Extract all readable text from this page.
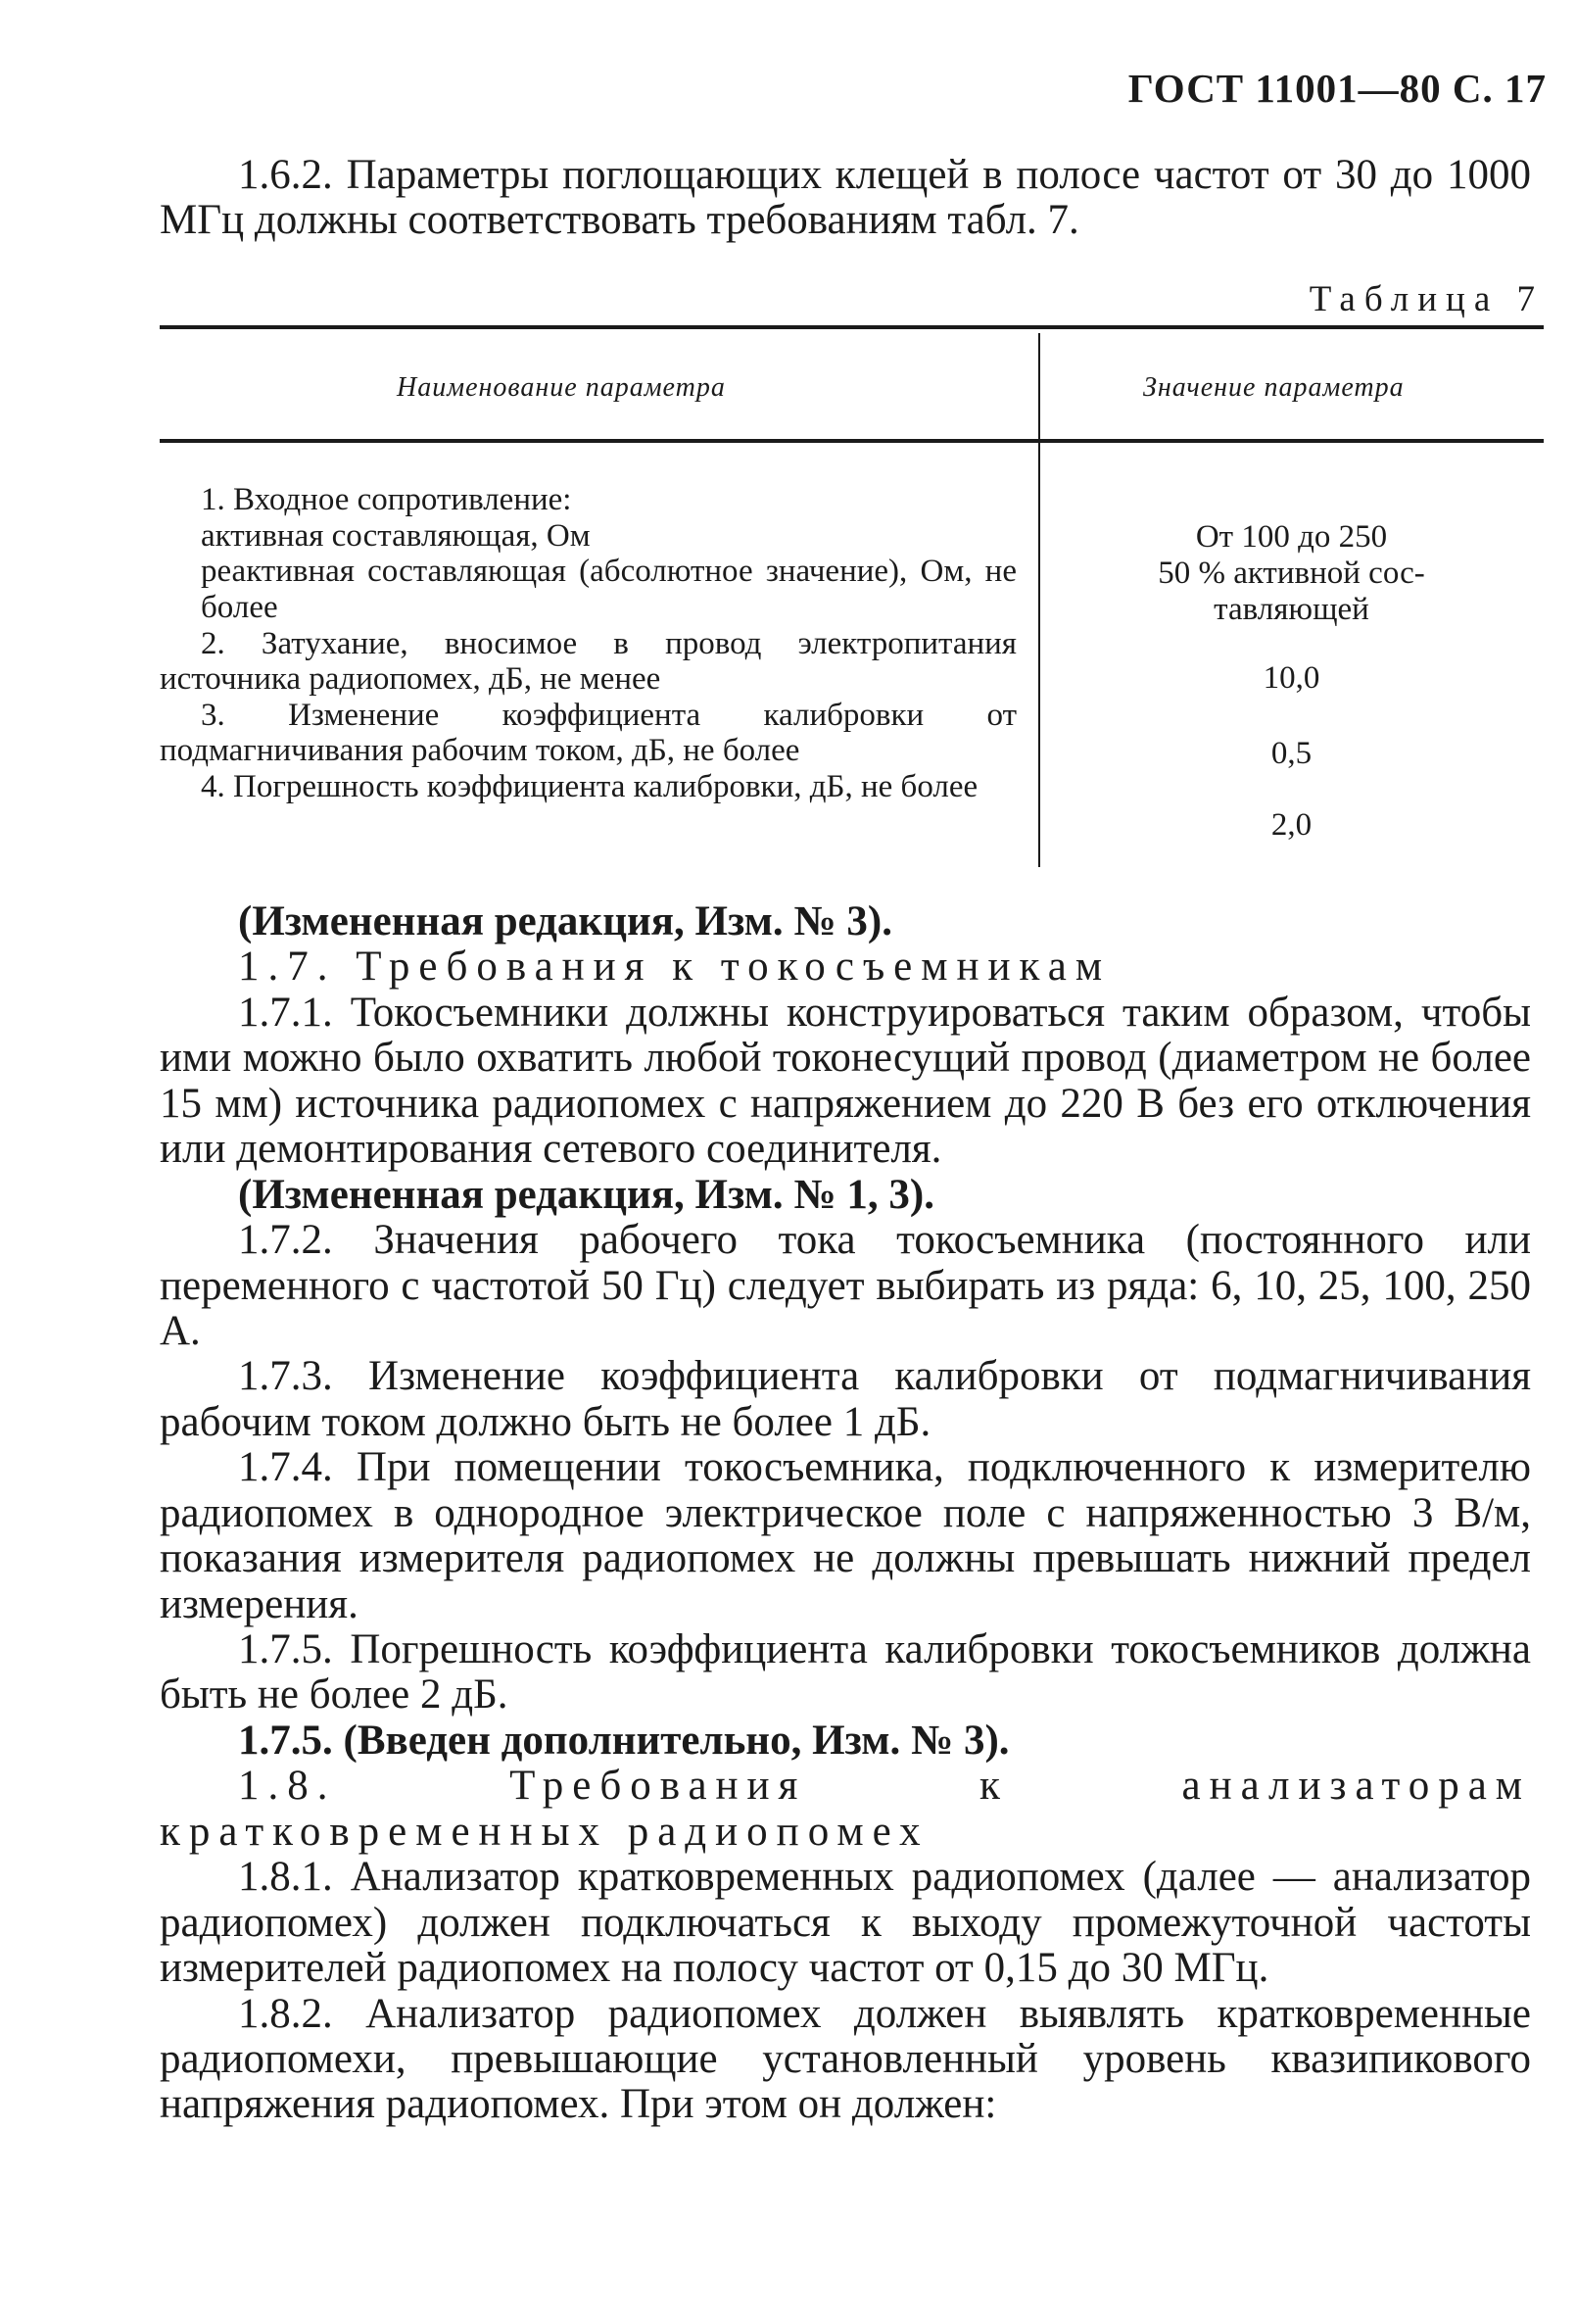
ГОСТ 11001—80 С. 17

1.6.2. Параметры поглощающих клещей в полосе частот от 30 до 1000 МГц должны соответствовать требованиям табл. 7.

Таблица 7
Наименование параметра	Значение параметра
1. Входное сопротивление:
активная составляющая, Ом
реактивная составляющая (абсолютное значение), Ом, не более
2. Затухание, вносимое в провод электропитания источника радиопомех, дБ, не менее
3. Изменение коэффициента калибровки от подмагничивания рабочим током, дБ, не более
4. Погрешность коэффициента калибровки, дБ, не более
От 100 до 250
50 % активной сос-
тавляющей
10,0
0,5
2,0

(Измененная редакция, Изм. № 3).

1.7. Требования к токосъемникам

1.7.1. Токосъемники должны конструироваться таким образом, чтобы ими можно было охватить любой токонесущий провод (диаметром не более 15 мм) источника радиопомех с напряжением до 220 В без его отключения или демонтирования сетевого соединителя.

(Измененная редакция, Изм. № 1, 3).

1.7.2. Значения рабочего тока токосъемника (постоянного или переменного с частотой 50 Гц) следует выбирать из ряда: 6, 10, 25, 100, 250 А.

1.7.3. Изменение коэффициента калибровки от подмагничивания рабочим током должно быть не более 1 дБ.

1.7.4. При помещении токосъемника, подключенного к измерителю радиопомех в однородное электрическое поле с напряженностью 3 В/м, показания измерителя радиопомех не должны превышать нижний предел измерения.

1.7.5. Погрешность коэффициента калибровки токосъемников должна быть не более 2 дБ.

1.7.5. (Введен дополнительно, Изм. № 3).

1.8. Требования к анализаторам кратковременных радиопомех

1.8.1. Анализатор кратковременных радиопомех (далее — анализатор радиопомех) должен подключаться к выходу промежуточной частоты измерителей радиопомех на полосу частот от 0,15 до 30 МГц.

1.8.2. Анализатор радиопомех должен выявлять кратковременные радиопомехи, превышающие установленный уровень квазипикового напряжения радиопомех. При этом он должен:
